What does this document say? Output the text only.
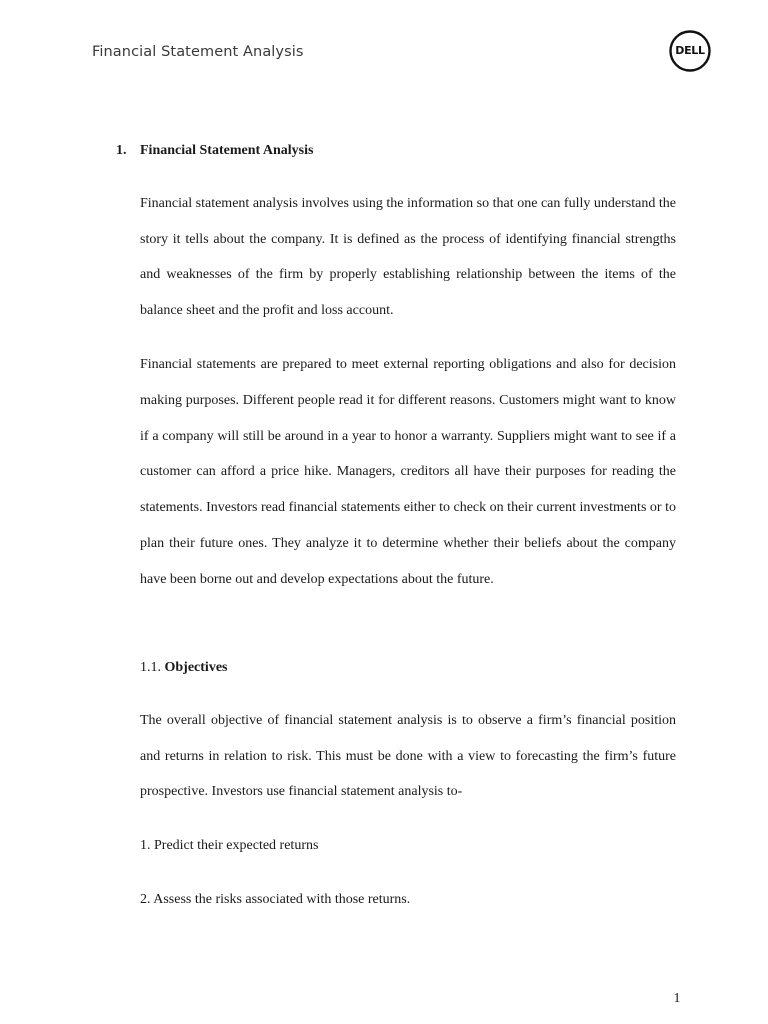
Financial Statement Analysis	DELL
1. Financial Statement Analysis

Financial statement analysis involves using the information so that one can fully understand the story it tells about the company. It is defined as the process of identifying financial strengths and weaknesses of the firm by properly establishing relationship between the items of the balance sheet and the profit and loss account.

Financial statements are prepared to meet external reporting obligations and also for decision making purposes. Different people read it for different reasons. Customers might want to know if a company will still be around in a year to honor a warranty. Suppliers might want to see if a customer can afford a price hike. Managers, creditors all have their purposes for reading the statements. Investors read financial statements either to check on their current investments or to plan their future ones. They analyze it to determine whether their beliefs about the company have been borne out and develop expectations about the future.

1.1. Objectives

The overall objective of financial statement analysis is to observe a firm’s financial position and returns in relation to risk. This must be done with a view to forecasting the firm’s future prospective. Investors use financial statement analysis to-

1. Predict their expected returns
2. Assess the risks associated with those returns.
1
